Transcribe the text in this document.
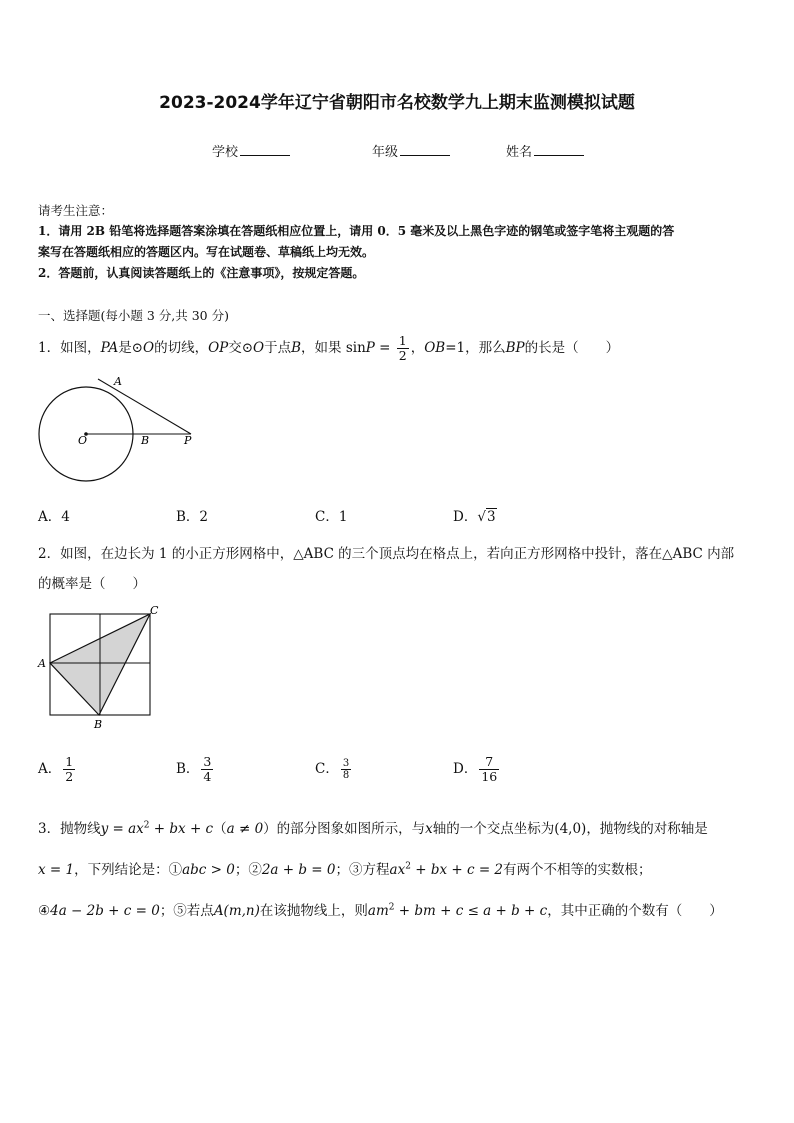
2023-2024学年辽宁省朝阳市名校数学九上期末监测模拟试题
学校	年级	姓名
请考生注意：
1．请用 2B 铅笔将选择题答案涂填在答题纸相应位置上，请用 0．5 毫米及以上黑色字迹的钢笔或签字笔将主观题的答
案写在答题纸相应的答题区内。写在试题卷、草稿纸上均无效。
2．答题前，认真阅读答题纸上的《注意事项》，按规定答题。
一、选择题(每小题 3 分,共 30 分)
1．如图，PA是⊙O的切线，OP交⊙O于点B，如果 $\sin P = \frac{1}{2}$ ，OB=1，那么BP的长是（　　）
A
O	B	P
A．4	B．2	C．1	D．√3
2．如图，在边长为 1 的小正方形网格中，△ABC 的三个顶点均在格点上，若向正方形网格中投针，落在△ABC 内部
的概率是（　　）
A
B
C
A． $\frac{1}{2}$	B． $\frac{3}{4}$	C． $\frac{3}{8}$	D． $\frac{7}{16}$
3．抛物线$y = ax^2$ + bx + c（a ≠ 0）的部分图象如图所示，与x轴的一个交点坐标为(4,0)，抛物线的对称轴是
x = 1，下列结论是：①abc > 0；②2a + b = 0；③方程$ax^2$ + bx + c = 2有两个不相等的实数根；
④4a − 2b + c = 0；⑤若点A(m,n)在该抛物线上，则$am^2$ + bm + c ≤ a + b + c，其中正确的个数有（　　）
